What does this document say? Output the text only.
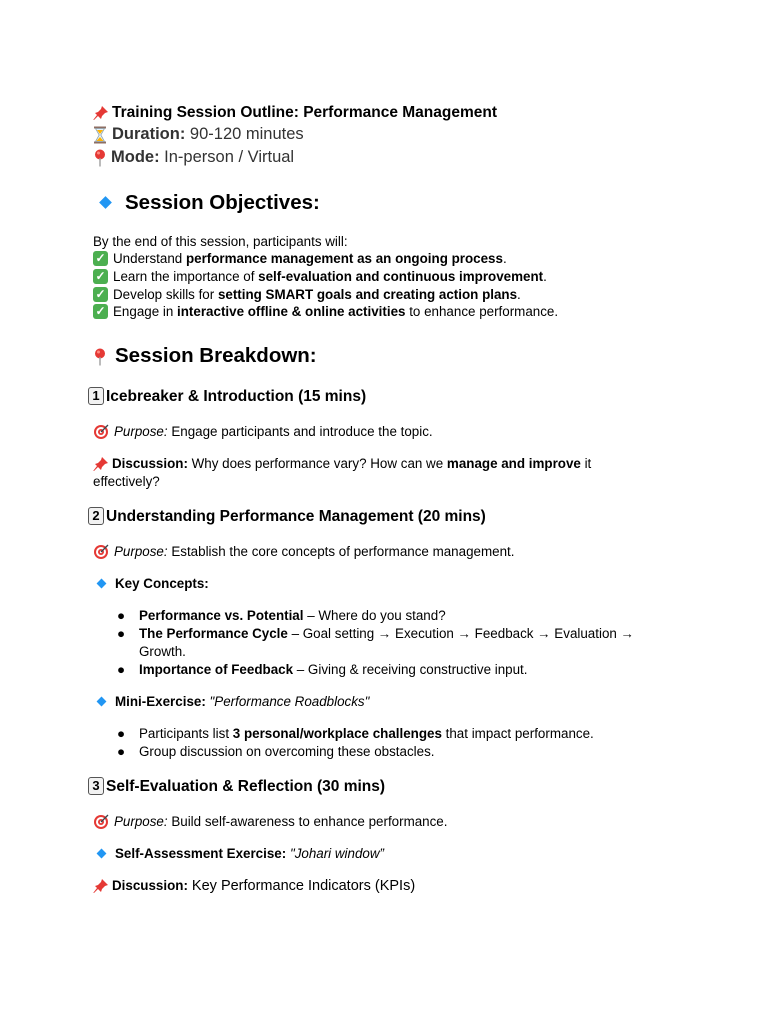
Training Session Outline: Performance Management
Duration: 90-120 minutes
Mode: In-person / Virtual
Session Objectives:
By the end of this session, participants will:
✓ Understand performance management as an ongoing process.
✓ Learn the importance of self-evaluation and continuous improvement.
✓ Develop skills for setting SMART goals and creating action plans.
✓ Engage in interactive offline & online activities to enhance performance.
Session Breakdown:
1 Icebreaker & Introduction (15 mins)
Purpose: Engage participants and introduce the topic.
Discussion: Why does performance vary? How can we manage and improve it
effectively?
2 Understanding Performance Management (20 mins)
Purpose: Establish the core concepts of performance management.
Key Concepts:
● Performance vs. Potential – Where do you stand?
● The Performance Cycle – Goal setting → Execution → Feedback → Evaluation →
Growth.
● Importance of Feedback – Giving & receiving constructive input.
Mini-Exercise: "Performance Roadblocks"
● Participants list 3 personal/workplace challenges that impact performance.
● Group discussion on overcoming these obstacles.
3 Self-Evaluation & Reflection (30 mins)
Purpose: Build self-awareness to enhance performance.
Self-Assessment Exercise: "Johari window”
Discussion: Key Performance Indicators (KPIs)
